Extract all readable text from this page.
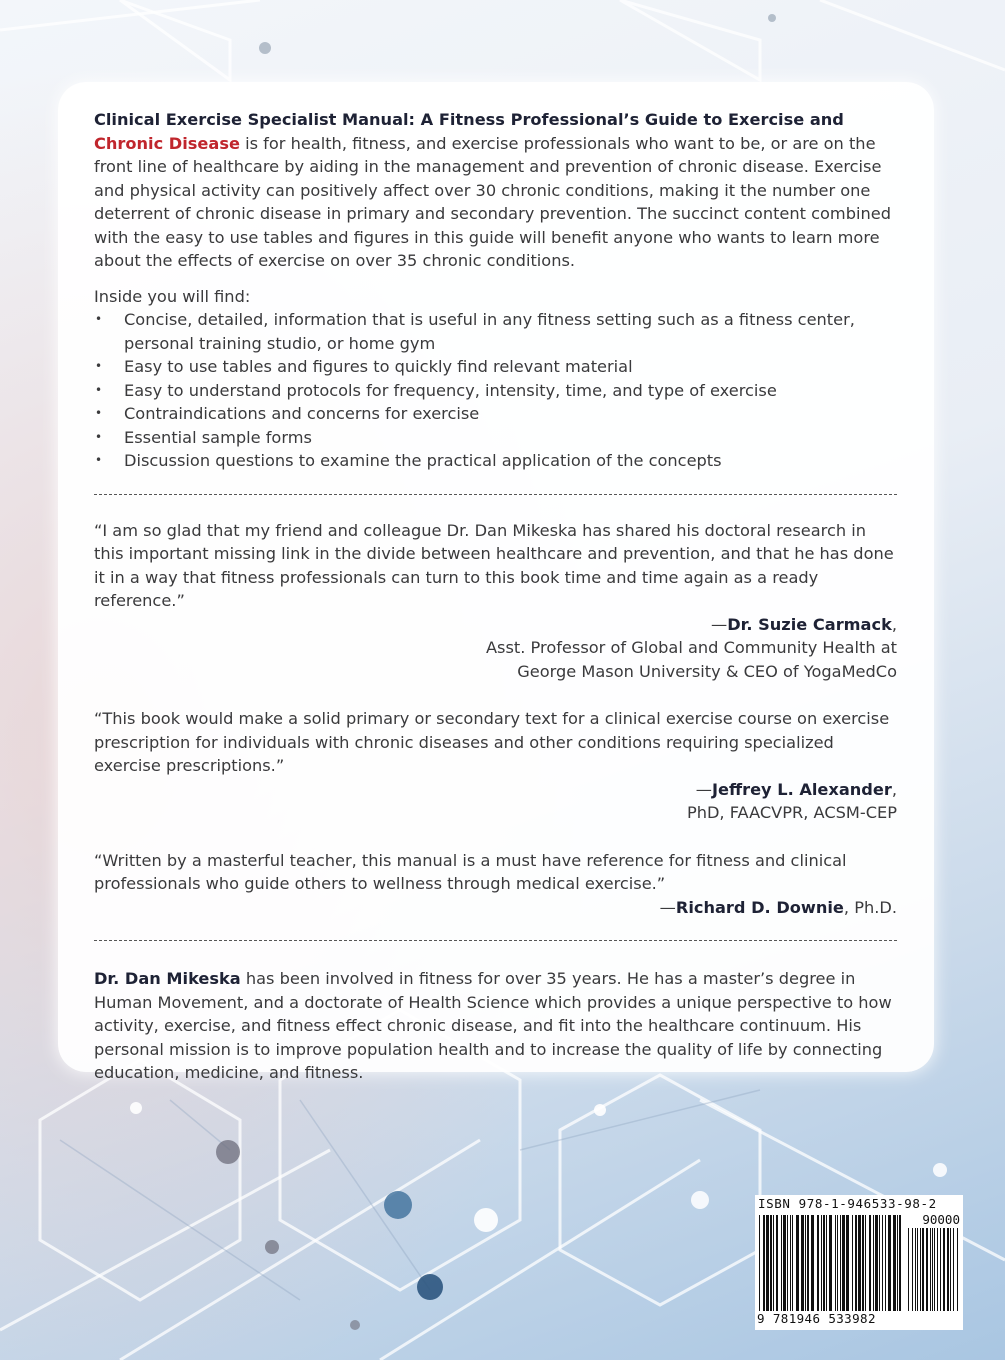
Clinical Exercise Specialist Manual: A Fitness Professional’s Guide to Exercise and Chronic Disease is for health, fitness, and exercise professionals who want to be, or are on the front line of healthcare by aiding in the management and prevention of chronic disease. Exercise and physical activity can positively affect over 30 chronic conditions, making it the number one deterrent of chronic disease in primary and secondary prevention. The succinct content combined with the easy to use tables and figures in this guide will benefit anyone who wants to learn more about the effects of exercise on over 35 chronic conditions.

Inside you will find:

• Concise, detailed, information that is useful in any fitness setting such as a fitness center, personal training studio, or home gym
• Easy to use tables and figures to quickly find relevant material
• Easy to understand protocols for frequency, intensity, time, and type of exercise
• Contraindications and concerns for exercise
• Essential sample forms
• Discussion questions to examine the practical application of the concepts

“I am so glad that my friend and colleague Dr. Dan Mikeska has shared his doctoral research in this important missing link in the divide between healthcare and prevention, and that he has done it in a way that fitness professionals can turn to this book time and time again as a ready reference.”

—Dr. Suzie Carmack,

Asst. Professor of Global and Community Health at

George Mason University & CEO of YogaMedCo

“This book would make a solid primary or secondary text for a clinical exercise course on exercise prescription for individuals with chronic diseases and other conditions requiring specialized exercise prescriptions.”

—Jeffrey L. Alexander,

PhD, FAACVPR, ACSM-CEP

“Written by a masterful teacher, this manual is a must have reference for fitness and clinical professionals who guide others to wellness through medical exercise.”

—Richard D. Downie, Ph.D.

Dr. Dan Mikeska has been involved in fitness for over 35 years. He has a master’s degree in Human Movement, and a doctorate of Health Science which provides a unique perspective to how activity, exercise, and fitness effect chronic disease, and fit into the healthcare continuum. His personal mission is to improve population health and to increase the quality of life by connecting education, medicine, and fitness.

ISBN 978-1-946533-98-2
90000
9 781946 533982
